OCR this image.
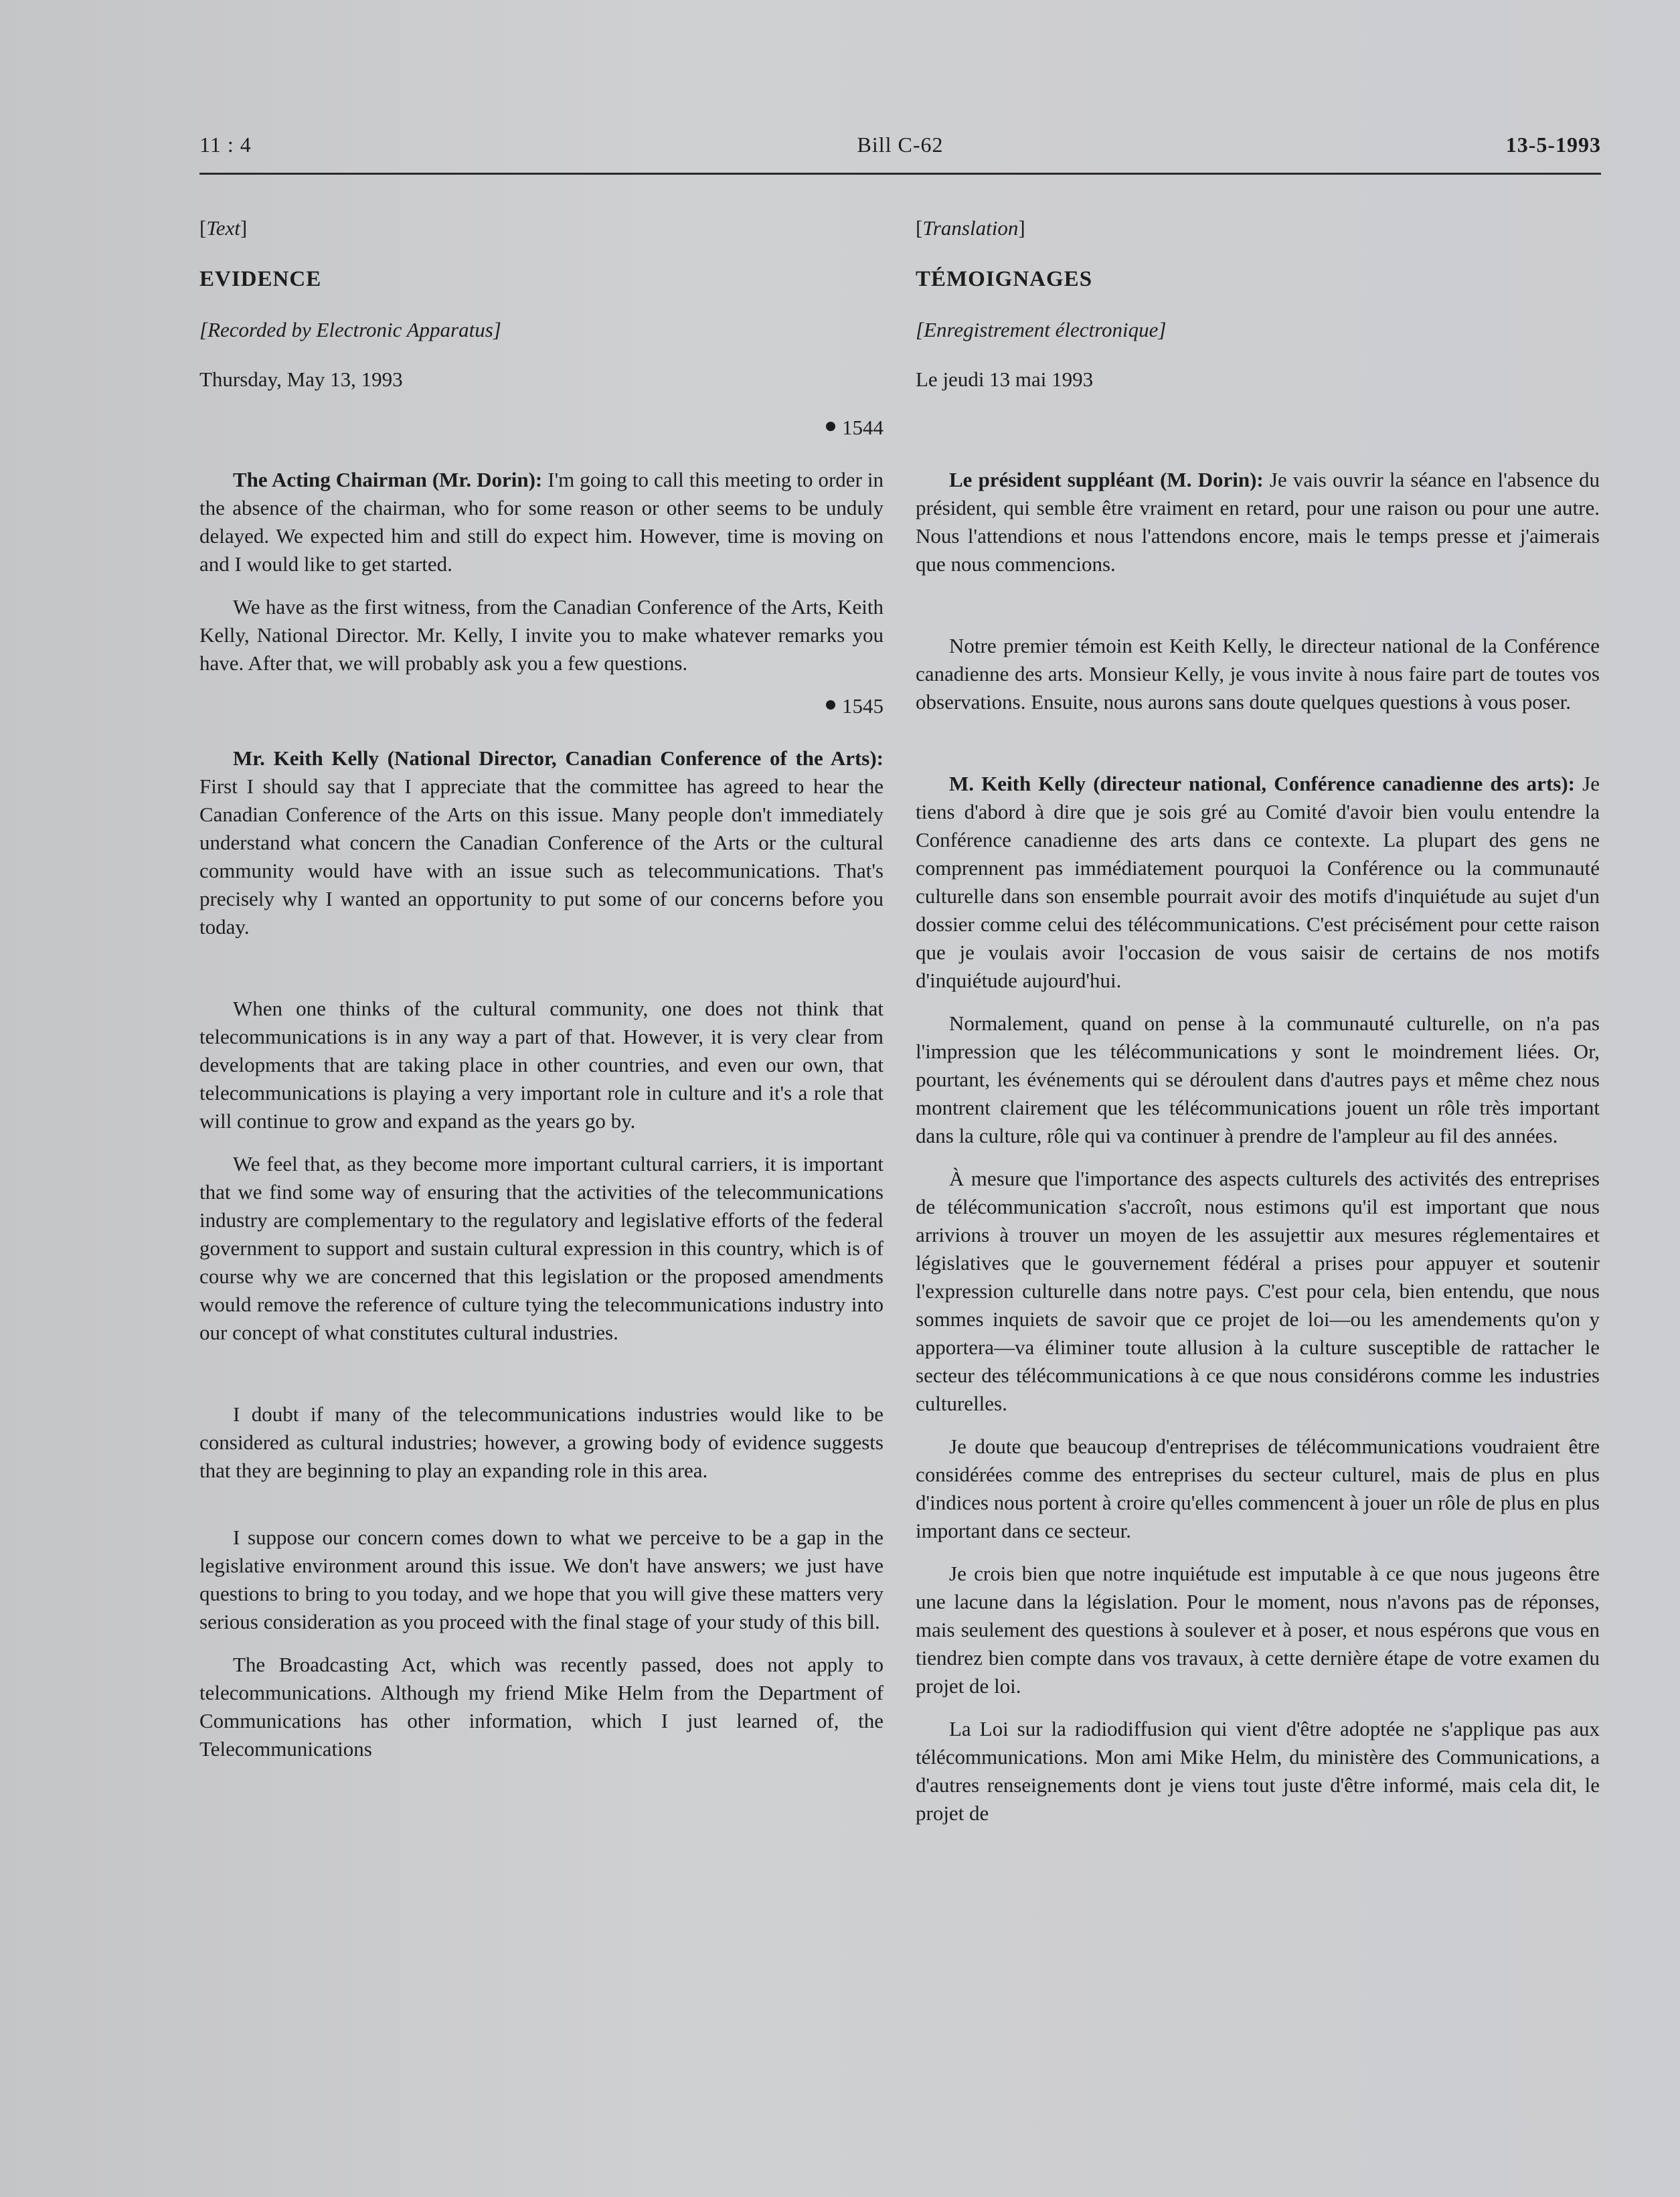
11 : 4	Bill C-62	13-5-1993
[Text]
EVIDENCE
[Recorded by Electronic Apparatus]
Thursday, May 13, 1993
1544

The Acting Chairman (Mr. Dorin): I'm going to call this meeting to order in the absence of the chairman, who for some reason or other seems to be unduly delayed. We expected him and still do expect him. However, time is moving on and I would like to get started.

We have as the first witness, from the Canadian Conference of the Arts, Keith Kelly, National Director. Mr. Kelly, I invite you to make whatever remarks you have. After that, we will probably ask you a few questions.

1545

Mr. Keith Kelly (National Director, Canadian Conference of the Arts): First I should say that I appreciate that the committee has agreed to hear the Canadian Conference of the Arts on this issue. Many people don't immediately understand what concern the Canadian Conference of the Arts or the cultural community would have with an issue such as telecommunications. That's precisely why I wanted an opportunity to put some of our concerns before you today.

When one thinks of the cultural community, one does not think that telecommunications is in any way a part of that. However, it is very clear from developments that are taking place in other countries, and even our own, that telecommunications is playing a very important role in culture and it's a role that will continue to grow and expand as the years go by.

We feel that, as they become more important cultural carriers, it is important that we find some way of ensuring that the activities of the telecommunications industry are complementary to the regulatory and legislative efforts of the federal government to support and sustain cultural expression in this country, which is of course why we are concerned that this legislation or the proposed amendments would remove the reference of culture tying the telecommunications industry into our concept of what constitutes cultural industries.

I doubt if many of the telecommunications industries would like to be considered as cultural industries; however, a growing body of evidence suggests that they are beginning to play an expanding role in this area.

I suppose our concern comes down to what we perceive to be a gap in the legislative environment around this issue. We don't have answers; we just have questions to bring to you today, and we hope that you will give these matters very serious consideration as you proceed with the final stage of your study of this bill.

The Broadcasting Act, which was recently passed, does not apply to telecommunications. Although my friend Mike Helm from the Department of Communications has other information, which I just learned of, the Telecommunications

[Translation]
TÉMOIGNAGES
[Enregistrement électronique]
Le jeudi 13 mai 1993

Le président suppléant (M. Dorin): Je vais ouvrir la séance en l'absence du président, qui semble être vraiment en retard, pour une raison ou pour une autre. Nous l'attendions et nous l'attendons encore, mais le temps presse et j'aimerais que nous commencions.

Notre premier témoin est Keith Kelly, le directeur national de la Conférence canadienne des arts. Monsieur Kelly, je vous invite à nous faire part de toutes vos observations. Ensuite, nous aurons sans doute quelques questions à vous poser.

M. Keith Kelly (directeur national, Conférence canadienne des arts): Je tiens d'abord à dire que je sois gré au Comité d'avoir bien voulu entendre la Conférence canadienne des arts dans ce contexte. La plupart des gens ne comprennent pas immédiatement pourquoi la Conférence ou la communauté culturelle dans son ensemble pourrait avoir des motifs d'inquiétude au sujet d'un dossier comme celui des télécommunications. C'est précisément pour cette raison que je voulais avoir l'occasion de vous saisir de certains de nos motifs d'inquiétude aujourd'hui.

Normalement, quand on pense à la communauté culturelle, on n'a pas l'impression que les télécommunications y sont le moindrement liées. Or, pourtant, les événements qui se déroulent dans d'autres pays et même chez nous montrent clairement que les télécommunications jouent un rôle très important dans la culture, rôle qui va continuer à prendre de l'ampleur au fil des années.

À mesure que l'importance des aspects culturels des activités des entreprises de télécommunication s'accroît, nous estimons qu'il est important que nous arrivions à trouver un moyen de les assujettir aux mesures réglementaires et législatives que le gouvernement fédéral a prises pour appuyer et soutenir l'expression culturelle dans notre pays. C'est pour cela, bien entendu, que nous sommes inquiets de savoir que ce projet de loi—ou les amendements qu'on y apportera—va éliminer toute allusion à la culture susceptible de rattacher le secteur des télécommunications à ce que nous considérons comme les industries culturelles.

Je doute que beaucoup d'entreprises de télécommunications voudraient être considérées comme des entreprises du secteur culturel, mais de plus en plus d'indices nous portent à croire qu'elles commencent à jouer un rôle de plus en plus important dans ce secteur.

Je crois bien que notre inquiétude est imputable à ce que nous jugeons être une lacune dans la législation. Pour le moment, nous n'avons pas de réponses, mais seulement des questions à soulever et à poser, et nous espérons que vous en tiendrez bien compte dans vos travaux, à cette dernière étape de votre examen du projet de loi.

La Loi sur la radiodiffusion qui vient d'être adoptée ne s'applique pas aux télécommunications. Mon ami Mike Helm, du ministère des Communications, a d'autres renseignements dont je viens tout juste d'être informé, mais cela dit, le projet de
